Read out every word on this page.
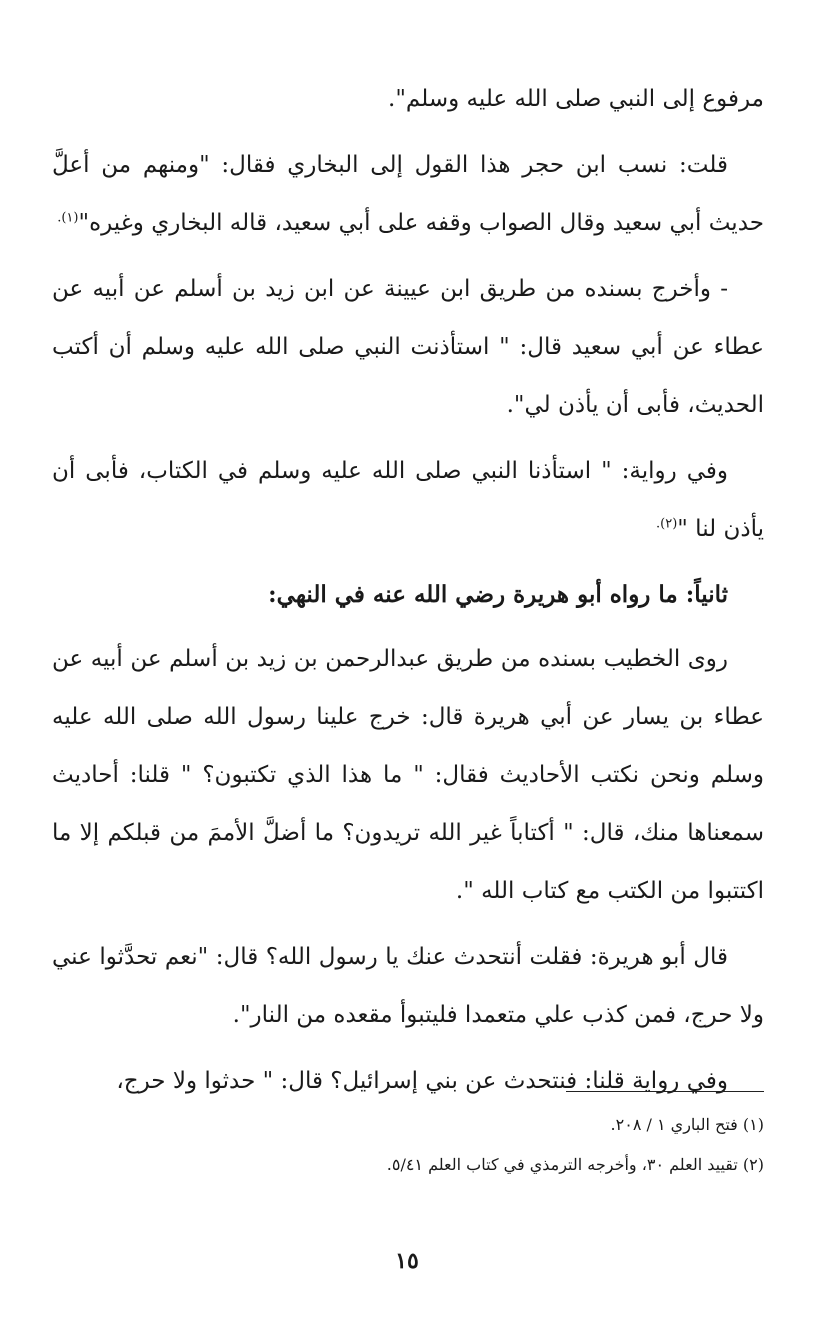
مرفوع إلى النبي صلى الله عليه وسلم".

قلت: نسب ابن حجر هذا القول إلى البخاري فقال: "ومنهم من أعلَّ حديث أبي سعيد وقال الصواب وقفه على أبي سعيد، قاله البخاري وغيره"$^{(١).}$

- وأخرج بسنده من طريق ابن عيينة عن ابن زيد بن أسلم عن أبيه عن عطاء عن أبي سعيد قال: " استأذنت النبي صلى الله عليه وسلم أن أكتب الحديث، فأبى أن يأذن لي".

وفي رواية: " استأذنا النبي صلى الله عليه وسلم في الكتاب، فأبى أن يأذن لنا "$^{(٢).}$

ثانياً: ما رواه أبو هريرة رضي الله عنه في النهي:

روى الخطيب بسنده من طريق عبدالرحمن بن زيد بن أسلم عن أبيه عن عطاء بن يسار عن أبي هريرة قال: خرج علينا رسول الله صلى الله عليه وسلم ونحن نكتب الأحاديث فقال: " ما هذا الذي تكتبون؟ " قلنا: أحاديث سمعناها منك، قال: " أكتاباً غير الله تريدون؟ ما أضلَّ الأممَ من قبلكم إلا ما اكتتبوا من الكتب مع كتاب الله ".

قال أبو هريرة: فقلت أنتحدث عنك يا رسول الله؟ قال: "نعم تحدَّثوا عني ولا حرج، فمن كذب علي متعمدا فليتبوأ مقعده من النار".

وفي رواية قلنا: فنتحدث عن بني إسرائيل؟ قال: " حدثوا ولا حرج،

(١) فتح الباري ١ / ٢٠٨.

(٢) تقييد العلم ٣٠، وأخرجه الترمذي في كتاب العلم ٥/٤١.

١٥
